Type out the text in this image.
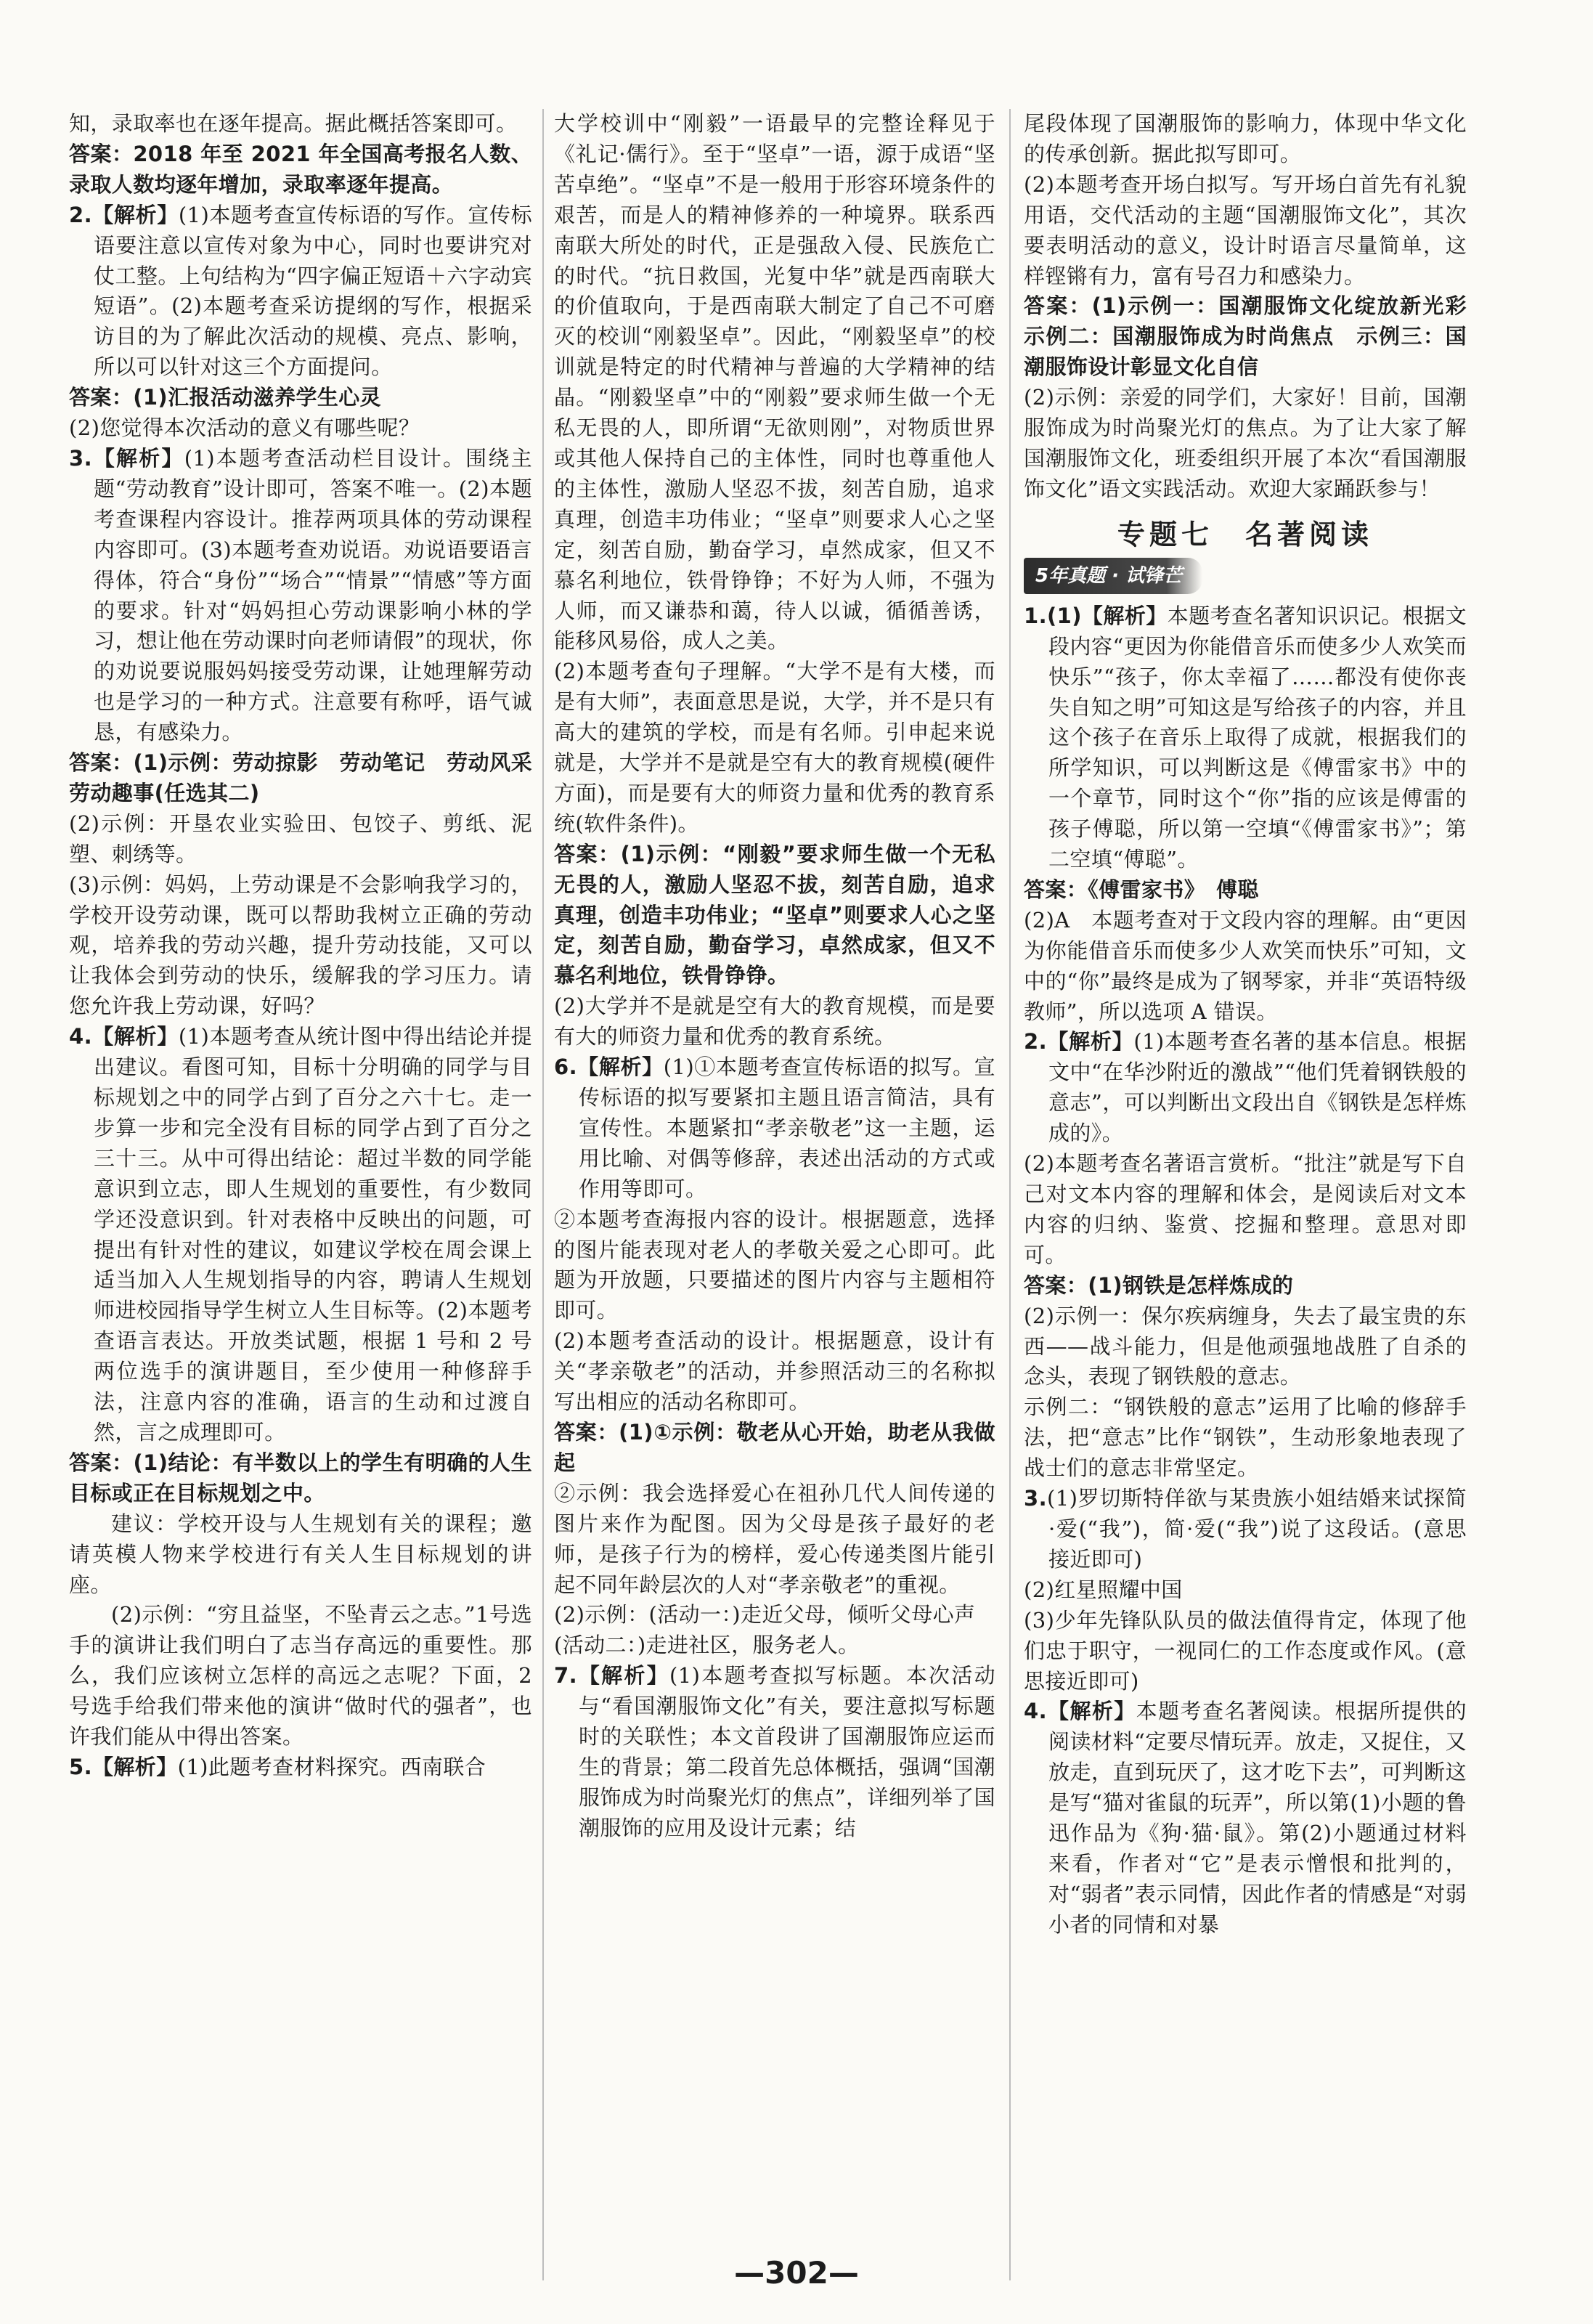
知，录取率也在逐年提高。据此概括答案即可。

答案：2018 年至 2021 年全国高考报名人数、录取人数均逐年增加，录取率逐年提高。

2.【解析】(1)本题考查宣传标语的写作。宣传标语要注意以宣传对象为中心，同时也要讲究对仗工整。上句结构为“四字偏正短语＋六字动宾短语”。(2)本题考查采访提纲的写作，根据采访目的为了解此次活动的规模、亮点、影响，所以可以针对这三个方面提问。

答案：(1)汇报活动滋养学生心灵

(2)您觉得本次活动的意义有哪些呢？

3.【解析】(1)本题考查活动栏目设计。围绕主题“劳动教育”设计即可，答案不唯一。(2)本题考查课程内容设计。推荐两项具体的劳动课程内容即可。(3)本题考查劝说语。劝说语要语言得体，符合“身份”“场合”“情景”“情感”等方面的要求。针对“妈妈担心劳动课影响小林的学习，想让他在劳动课时向老师请假”的现状，你的劝说要说服妈妈接受劳动课，让她理解劳动也是学习的一种方式。注意要有称呼，语气诚恳，有感染力。

答案：(1)示例：劳动掠影　劳动笔记　劳动风采　劳动趣事(任选其二)

(2)示例：开垦农业实验田、包饺子、剪纸、泥塑、刺绣等。

(3)示例：妈妈，上劳动课是不会影响我学习的，学校开设劳动课，既可以帮助我树立正确的劳动观，培养我的劳动兴趣，提升劳动技能，又可以让我体会到劳动的快乐，缓解我的学习压力。请您允许我上劳动课，好吗？

4.【解析】(1)本题考查从统计图中得出结论并提出建议。看图可知，目标十分明确的同学与目标规划之中的同学占到了百分之六十七。走一步算一步和完全没有目标的同学占到了百分之三十三。从中可得出结论：超过半数的同学能意识到立志，即人生规划的重要性，有少数同学还没意识到。针对表格中反映出的问题，可提出有针对性的建议，如建议学校在周会课上适当加入人生规划指导的内容，聘请人生规划师进校园指导学生树立人生目标等。(2)本题考查语言表达。开放类试题，根据 1 号和 2 号两位选手的演讲题目，至少使用一种修辞手法，注意内容的准确，语言的生动和过渡自然，言之成理即可。

答案：(1)结论：有半数以上的学生有明确的人生目标或正在目标规划之中。

建议：学校开设与人生规划有关的课程；邀请英模人物来学校进行有关人生目标规划的讲座。

(2)示例：“穷且益坚，不坠青云之志。”1号选手的演讲让我们明白了志当存高远的重要性。那么，我们应该树立怎样的高远之志呢？下面，2 号选手给我们带来他的演讲“做时代的强者”，也许我们能从中得出答案。

5.【解析】(1)此题考查材料探究。西南联合

大学校训中“刚毅”一语最早的完整诠释见于《礼记·儒行》。至于“坚卓”一语，源于成语“坚苦卓绝”。“坚卓”不是一般用于形容环境条件的艰苦，而是人的精神修养的一种境界。联系西南联大所处的时代，正是强敌入侵、民族危亡的时代。“抗日救国，光复中华”就是西南联大的价值取向，于是西南联大制定了自己不可磨灭的校训“刚毅坚卓”。因此，“刚毅坚卓”的校训就是特定的时代精神与普遍的大学精神的结晶。“刚毅坚卓”中的“刚毅”要求师生做一个无私无畏的人，即所谓“无欲则刚”，对物质世界或其他人保持自己的主体性，同时也尊重他人的主体性，激励人坚忍不拔，刻苦自励，追求真理，创造丰功伟业；“坚卓”则要求人心之坚定，刻苦自励，勤奋学习，卓然成家，但又不慕名利地位，铁骨铮铮；不好为人师，不强为人师，而又谦恭和蔼，待人以诚，循循善诱，能移风易俗，成人之美。

(2)本题考查句子理解。“大学不是有大楼，而是有大师”，表面意思是说，大学，并不是只有高大的建筑的学校，而是有名师。引申起来说就是，大学并不是就是空有大的教育规模(硬件方面)，而是要有大的师资力量和优秀的教育系统(软件条件)。

答案：(1)示例：“刚毅”要求师生做一个无私无畏的人，激励人坚忍不拔，刻苦自励，追求真理，创造丰功伟业；“坚卓”则要求人心之坚定，刻苦自励，勤奋学习，卓然成家，但又不慕名利地位，铁骨铮铮。

(2)大学并不是就是空有大的教育规模，而是要有大的师资力量和优秀的教育系统。

6.【解析】(1)①本题考查宣传标语的拟写。宣传标语的拟写要紧扣主题且语言简洁，具有宣传性。本题紧扣“孝亲敬老”这一主题，运用比喻、对偶等修辞，表述出活动的方式或作用等即可。

②本题考查海报内容的设计。根据题意，选择的图片能表现对老人的孝敬关爱之心即可。此题为开放题，只要描述的图片内容与主题相符即可。

(2)本题考查活动的设计。根据题意，设计有关“孝亲敬老”的活动，并参照活动三的名称拟写出相应的活动名称即可。

答案：(1)①示例：敬老从心开始，助老从我做起

②示例：我会选择爱心在祖孙几代人间传递的图片来作为配图。因为父母是孩子最好的老师，是孩子行为的榜样，爱心传递类图片能引起不同年龄层次的人对“孝亲敬老”的重视。

(2)示例：(活动一：)走近父母，倾听父母心声

(活动二：)走进社区，服务老人。

7.【解析】(1)本题考查拟写标题。本次活动与“看国潮服饰文化”有关，要注意拟写标题时的关联性；本文首段讲了国潮服饰应运而生的背景；第二段首先总体概括，强调“国潮服饰成为时尚聚光灯的焦点”，详细列举了国潮服饰的应用及设计元素；结

尾段体现了国潮服饰的影响力，体现中华文化的传承创新。据此拟写即可。

(2)本题考查开场白拟写。写开场白首先有礼貌用语，交代活动的主题“国潮服饰文化”，其次要表明活动的意义，设计时语言尽量简单，这样铿锵有力，富有号召力和感染力。

答案：(1)示例一：国潮服饰文化绽放新光彩　示例二：国潮服饰成为时尚焦点　示例三：国潮服饰设计彰显文化自信

(2)示例：亲爱的同学们，大家好！目前，国潮服饰成为时尚聚光灯的焦点。为了让大家了解国潮服饰文化，班委组织开展了本次“看国潮服饰文化”语文实践活动。欢迎大家踊跃参与！

专题七　名著阅读
5年真题 · 试锋芒

1.(1)【解析】本题考查名著知识识记。根据文段内容“更因为你能借音乐而使多少人欢笑而快乐”“孩子，你太幸福了……都没有使你丧失自知之明”可知这是写给孩子的内容，并且这个孩子在音乐上取得了成就，根据我们的所学知识，可以判断这是《傅雷家书》中的一个章节，同时这个“你”指的应该是傅雷的孩子傅聪，所以第一空填“《傅雷家书》”；第二空填“傅聪”。

答案：《傅雷家书》　傅聪

(2)A　本题考查对于文段内容的理解。由“更因为你能借音乐而使多少人欢笑而快乐”可知，文中的“你”最终是成为了钢琴家，并非“英语特级教师”，所以选项 A 错误。

2.【解析】(1)本题考查名著的基本信息。根据文中“在华沙附近的激战”“他们凭着钢铁般的意志”，可以判断出文段出自《钢铁是怎样炼成的》。

(2)本题考查名著语言赏析。“批注”就是写下自己对文本内容的理解和体会，是阅读后对文本内容的归纳、鉴赏、挖掘和整理。意思对即可。

答案：(1)钢铁是怎样炼成的

(2)示例一：保尔疾病缠身，失去了最宝贵的东西——战斗能力，但是他顽强地战胜了自杀的念头，表现了钢铁般的意志。

示例二：“钢铁般的意志”运用了比喻的修辞手法，把“意志”比作“钢铁”，生动形象地表现了战士们的意志非常坚定。

3.(1)罗切斯特佯欲与某贵族小姐结婚来试探简·爱(“我”)，简·爱(“我”)说了这段话。(意思接近即可)

(2)红星照耀中国

(3)少年先锋队队员的做法值得肯定，体现了他们忠于职守，一视同仁的工作态度或作风。(意思接近即可)

4.【解析】本题考查名著阅读。根据所提供的阅读材料“定要尽情玩弄。放走，又捉住，又放走，直到玩厌了，这才吃下去”，可判断这是写“猫对雀鼠的玩弄”，所以第(1)小题的鲁迅作品为《狗·猫·鼠》。第(2)小题通过材料来看，作者对“它”是表示憎恨和批判的，对“弱者”表示同情，因此作者的情感是“对弱小者的同情和对暴

—302—
